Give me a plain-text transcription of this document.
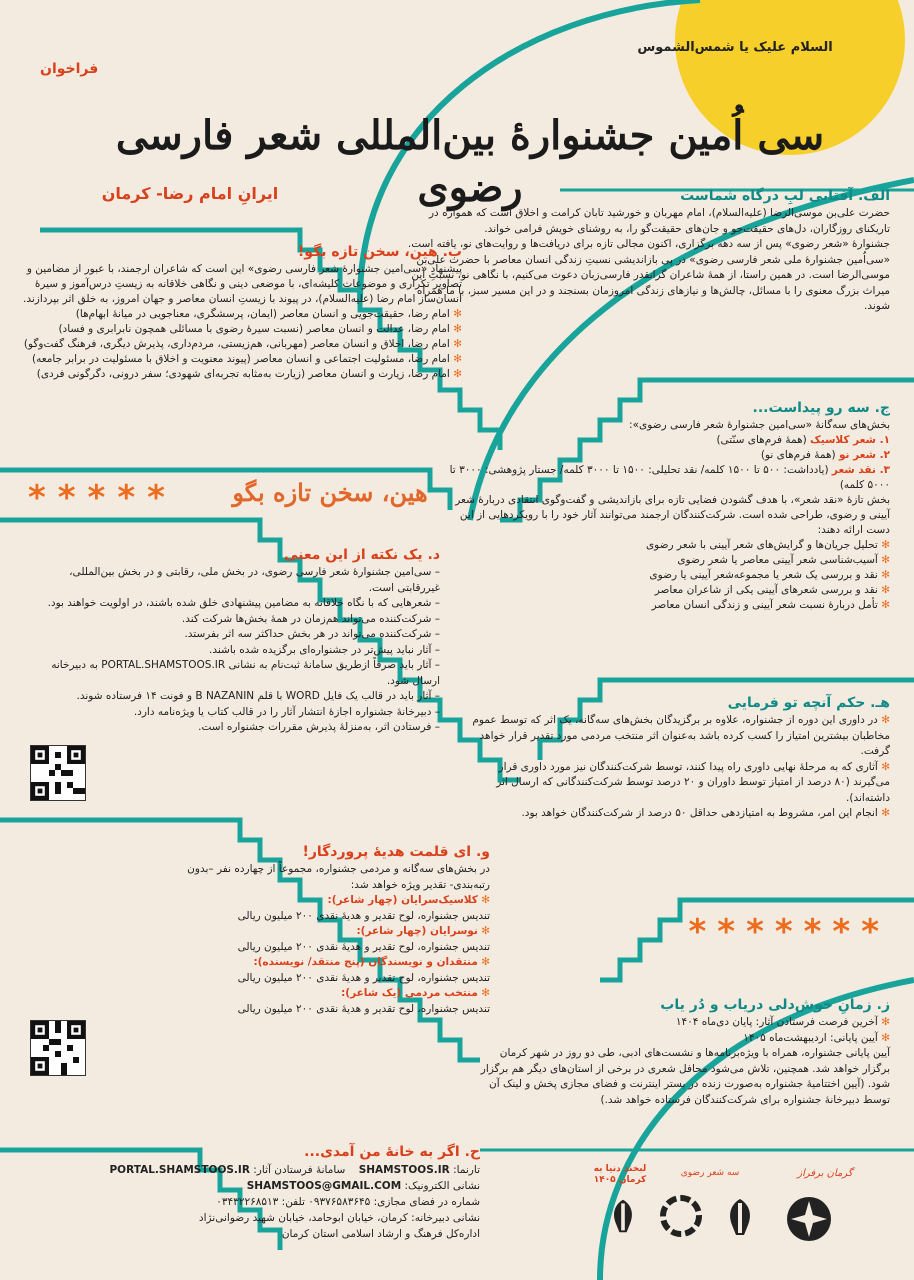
السلام علیک یا شمس‌الشموس
فراخوان
سی اُمین جشنوارۀ بین‌المللی شعر فارسی رضوی
ایرانِ امام رضا- کرمان	الف. آفتابی لبِ درگاه شماست

حضرت علی‌بن موسی‌الرضا (علیه‌السلام)، امام مهربان و خورشید تابان کرامت و اخلاق است که همواره در تاریکنای روزگاران، دل‌های حقیقت‌جو و جان‌های حقیقت‌گو را، به روشنای خویش فرامی خواند.

جشنوارۀ «شعر رضوی» پس از سه دهه برگزاری، اکنون مجالی تازه برای دریافت‌ها و روایت‌های نو، یافته است. «سی‌اُمین جشنوارۀ ملی شعر فارسی رضوی» در پی بازاندیشی نسبتِ زندگی انسان معاصر با حضرت علی‌بن موسی‌الرضا است. در همین راستا، از همهٔ شاعران گرانقدر فارسی‌زبان دعوت می‌کنیم، با نگاهی نو، نسبتِ این میراث بزرگ معنوی را با مسائل، چالش‌ها و نیازهای زندگی امروزمان بسنجند و در این مسیر سبز، با ما همراه شوند.

ب. هین، سخن تازه بگو!

پیشنهادِ «سی‌امین جشنوارۀ شعر فارسی رضوی» این است که شاعران ارجمند، با عبور از مضامین و تصاویر تکراری و موضوعات کلیشه‌ای، با موضعی دینی و نگاهی خلاقانه به زیستِ درس‌آموز و سیرۀ انسان‌ساز امام رضا (علیه‌السلام)، در پیوند با زیستِ انسان معاصر و جهان امروز، به خلق اثر بپردازند.

✻ امام رضا، حقیقت‌جویی و انسان معاصر (ایمان، پرسشگری، معناجویی در میانۀ ابهام‌ها)
✻ امام رضا، عدالت و انسان معاصر (نسبت سیرۀ رضوی با مسائلی همچون نابرابری و فساد)
✻ امام رضا، اخلاق و انسان معاصر (مهربانی، هم‌زیستی، مردم‌داری، پذیرش دیگری، فرهنگ گفت‌وگو)
✻ امام رضا، مسئولیت اجتماعی و انسان معاصر (پیوند معنویت و اخلاق با مسئولیت در برابر جامعه)
✻ امام رضا، زیارت و انسان معاصر (زیارت به‌مثابه تجربه‌ای شهودی؛ سفر درونی، دگرگونی فردی)
هین، سخن تازه بگو
*****

ج. سه رو پیداست...

بخش‌های سه‌گانۀ «سی‌امین جشنوارۀ شعر فارسی رضوی»:

۱. شعر کلاسیک (همۀ فرم‌های سنّتی)

۲. شعر نو (همۀ فرم‌های نو)

۳. نقد شعر (یادداشت: ۵۰۰ تا ۱۵۰۰ کلمه/ نقد تحلیلی: ۱۵۰۰ تا ۳۰۰۰ کلمه/ جستار پژوهشی: ۳۰۰۰ تا ۵۰۰۰ کلمه)

بخش تازۀ «نقد شعر»، با هدف گشودن فضایی تازه برای بازاندیشی و گفت‌وگوی انتقادی دربارۀ شعر آیینی و رضوی، طراحی شده است. شرکت‌کنندگان ارجمند می‌توانند آثار خود را با رویکردهایی از این دست ارائه دهند:

✻ تحلیل جریان‌ها و گرایش‌های شعر آیینی با شعر رضوی
✻ آسیب‌شناسی شعر آیینی معاصر یا شعر رضوی
✻ نقد و بررسی یک شعر یا مجموعه‌شعر آیینی یا رضوی
✻ نقد و بررسی شعرهای آیینی یکی از شاعران معاصر
✻ تأمل دربارۀ نسبت شعر آیینی و زندگی انسان معاصر

د. یک نکته از این معنی

– سی‌امین جشنوارۀ شعر فارسی رضوی، در بخش ملی، رقابتی و در بخش بین‌المللی، غیررقابتی است.
– شعرهایی که با نگاه خلاقانه به مضامین پیشنهادی خلق شده باشند، در اولویت خواهند بود.
– شرکت‌کننده می‌تواند هم‌زمان در همۀ بخش‌ها شرکت کند.
– شرکت‌کننده می‌تواند در هر بخش حداکثر سه اثر بفرستد.
– آثار نباید پیش‌تر در جشنواره‌ای برگزیده شده باشند.
– آثار باید صرفاً ازطریق سامانۀ ثبت‌نام به نشانی PORTAL.SHAMSTOOS.IR به دبیرخانه ارسال شود.
– آثار باید در قالب یک فایل WORD با قلم B NAZANIN و فونت ۱۴ فرستاده شوند.
– دبیرخانۀ جشنواره اجازۀ انتشار آثار را در قالب کتاب یا ویژه‌نامه دارد.
– فرستادن اثر، به‌منزلۀ پذیرش مقررات جشنواره است.

هـ. حکم آنچه تو فرمایی

✻ در داوری این دوره از جشنواره، علاوه بر برگزیدگان بخش‌های سه‌گانه، یک اثر که توسط عموم مخاطبان بیشترین امتیاز را کسب کرده باشد به‌عنوان اثر منتخب مردمی مورد تقدیر قرار خواهد گرفت.
✻ آثاری که به مرحلۀ نهایی داوری راه پیدا کنند، توسط شرکت‌کنندگان نیز مورد داوری قرار می‌گیرند (۸۰ درصد از امتیاز توسط داوران و ۲۰ درصد توسط شرکت‌کنندگانی که ارسال اثر داشته‌اند).
✻ انجام این امر، مشروط به امتیازدهی حداقل ۵۰ درصد از شرکت‌کنندگان خواهد بود.

و. ای قلمت هدیۀ پروردگار!

در بخش‌های سه‌گانه و مردمی جشنواره، مجموعاً از چهارده نفر –بدون رتبه‌بندی- تقدیر ویژه خواهد شد:

✻ کلاسیک‌سرایان (چهار شاعر):

تندیس جشنواره، لوح تقدیر و هدیۀ نقدی ۲۰۰ میلیون ریالی

✻ نوسرایان (چهار شاعر):

تندیس جشنواره، لوح تقدیر و هدیۀ نقدی ۲۰۰ میلیون ریالی

✻ منتقدان و نویسندگان (پنج منتقد/ نویسنده):

تندیس جشنواره، لوح تقدیر و هدیۀ نقدی ۲۰۰ میلیون ریالی

✻ منتخب مردمی (یک شاعر):

تندیس جشنواره، لوح تقدیر و هدیۀ نقدی ۲۰۰ میلیون ریالی

*******

ز. زمانِ خوش‌دلی دریاب و دُر یاب

✻ آخرین فرصت فرستادن آثار: پایان دی‌ماه ۱۴۰۴

✻ آیین پایانی: اردیبهشت‌ماه ۱۴۰۵

آیین پایانی جشنواره، همراه با ویژه‌برنامه‌ها و نشست‌های ادبی، طی دو روز در شهر کرمان برگزار خواهد شد. همچنین، تلاش می‌شود محافل شعری در برخی از استان‌های دیگر هم برگزار شود. (آیین اختتامیۀ جشنواره به‌صورت زنده در بستر اینترنت و فضای مجازی پخش و لینک آن توسط دبیرخانۀ جشنواره برای شرکت‌کنندگان فرستاده خواهد شد.)

ح. اگر به خانۀ من آمدی...

تارنما: SHAMSTOOS.IR    سامانۀ فرستادن آثار: PORTAL.SHAMSTOOS.IR

نشانی الکترونیک: SHAMSTOOS@GMAIL.COM

شماره در فضای مجازی: ۰۹۳۷۶۵۸۳۶۴۵ تلفن: ۰۳۴۳۲۲۶۸۵۱۳

نشانی دبیرخانه: کرمان، خیابان ابوحامد، خیابان شهید رضوانی‌نژاد

اداره‌کل فرهنگ و ارشاد اسلامی استان کرمان

گرمان برفراز
سه شعر رضوی
لبخند دنیا به کرمان ۱۴۰۵
